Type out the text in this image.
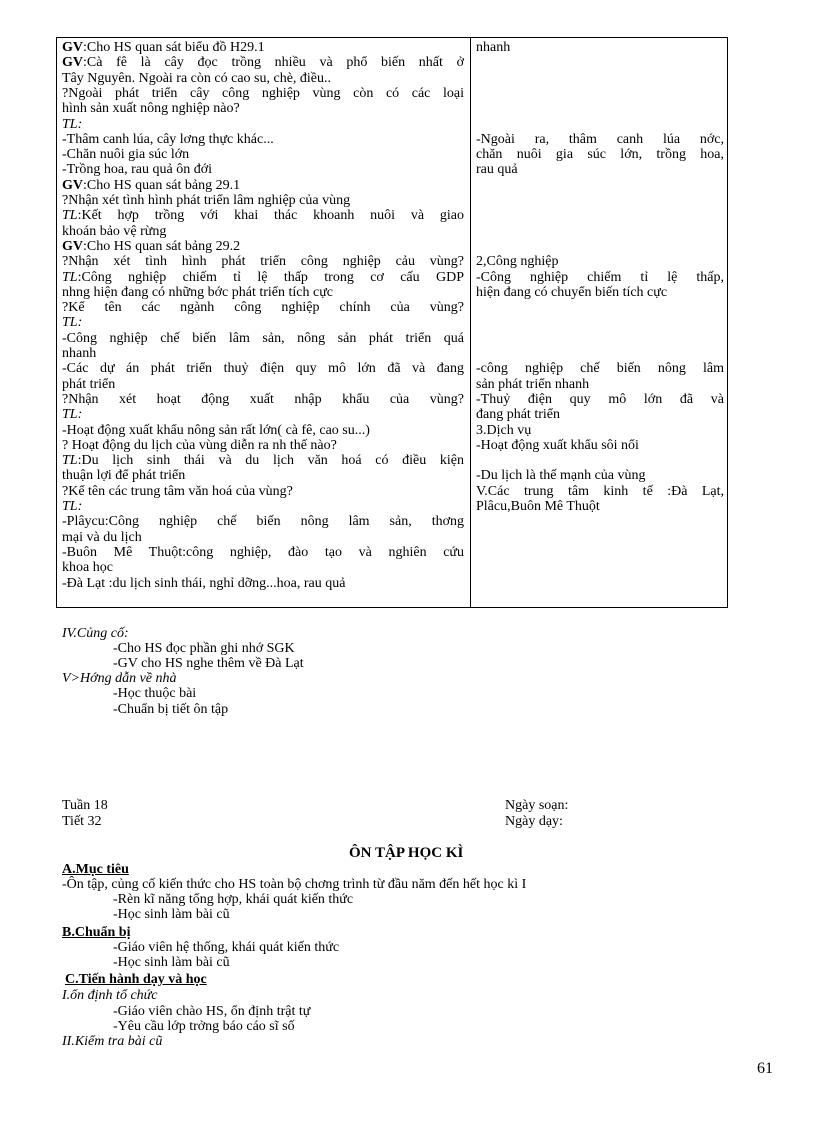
GV:Cho HS quan sát biểu đồ H29.1
GV:Cà fê là cây đọc trồng nhiều và phổ biến nhất ở
Tây Nguyên. Ngoài ra còn có cao su, chè, điều..
?Ngoài phát triển cây công nghiệp vùng còn có các loại
hình sản xuất nông nghiệp nào?
TL:
-Thâm canh lúa, cây lơng thực khác...
-Chăn nuôi gia súc lớn
-Trồng hoa, rau quả ôn đới
GV:Cho HS quan sát bảng 29.1
?Nhận xét tình hình phát triển lâm nghiệp của vùng
TL:Kết hợp trồng với khai thác khoanh nuôi và giao
khoán bảo vệ rừng
GV:Cho HS quan sát bảng 29.2
?Nhận xét tình hình phát triển công nghiệp cảu vùng?
TL:Công nghiệp chiếm tỉ lệ thấp trong cơ cấu GDP
nhng hiện đang có những bớc phát triển tích cực
?Kể tên các ngành công nghiệp chính của vùng?
TL:
-Công nghiệp chế biến lâm sản, nông sản phát triển quá
nhanh
-Các dự án phát triển thuỷ điện quy mô lớn đã và đang
phát triển
?Nhận xét hoạt động xuất nhập khẩu của vùng?
TL:
-Hoạt động xuất khẩu nông sản rất lớn( cà fê, cao su...)
? Hoạt động du lịch của vùng diễn ra nh thế nào?
TL:Du lịch sinh thái và du lịch văn hoá có điều kiện
thuận lợi để phát triển
?Kể tên các trung tâm văn hoá của vùng?
TL:
-Plâycu:Công nghiệp chế biến nông lâm sản, thơng
mại và du lịch
-Buôn Mê Thuột:công nghiệp, đào tạo và nghiên cứu
khoa học
-Đà Lạt :du lịch sinh thái, nghỉ dỡng...hoa, rau quả
nhanh
-Ngoài ra, thâm canh lúa nớc,
chăn nuôi gia súc lớn, trồng hoa,
rau quả
2,Công nghiệp
-Công nghiệp chiếm tỉ lệ thấp,
hiện đang có chuyển biến tích cực
-công nghiệp chế biến nông lâm
sản phát triển nhanh
-Thuỷ điện quy mô lớn đã và
đang phát triển
3.Dịch vụ
-Hoạt động xuất khẩu sôi nổi
-Du lịch là thế mạnh của vùng
V.Các trung tâm kinh tế :Đà Lạt,
Plâcu,Buôn Mê Thuột
IV.Củng cố:
-Cho HS đọc phần ghi nhớ SGK
-GV cho HS nghe thêm về Đà Lạt
V>Hớng dẫn về nhà
-Học thuộc bài
-Chuẩn bị tiết ôn tập
Tuần 18
Tiết 32
Ngày soạn:
Ngày dạy:
ÔN TẬP HỌC KÌ
A.Mục tiêu
-Ôn tập, củng cố kiến thức cho HS toàn bộ chơng trình từ đầu năm đến hết học kì I
-Rèn kĩ năng tổng hợp, khái quát kiến thức
-Học sinh làm bài cũ
B.Chuẩn bị
-Giáo viên hệ thống, khái quát kiến thức
-Học sinh làm bài cũ
C.Tiến hành dạy và học
I.ổn định tổ chức
-Giáo viên chào HS, ổn định trật tự
-Yêu cầu lớp trởng báo cáo sĩ số
II.Kiểm tra bài cũ
61
